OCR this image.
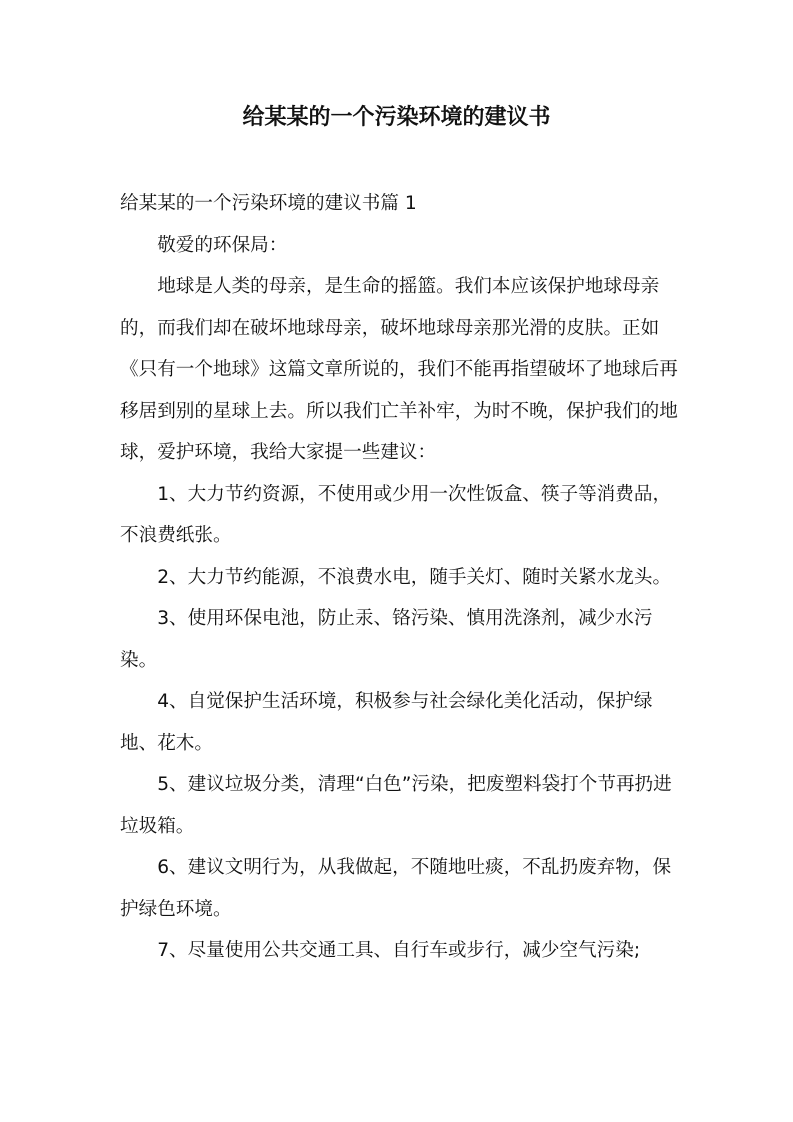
给某某的一个污染环境的建议书

给某某的一个污染环境的建议书篇 1

敬爱的环保局：

地球是人类的母亲，是生命的摇篮。我们本应该保护地球母亲的，而我们却在破坏地球母亲，破坏地球母亲那光滑的皮肤。正如《只有一个地球》这篇文章所说的，我们不能再指望破坏了地球后再移居到别的星球上去。所以我们亡羊补牢，为时不晚，保护我们的地球，爱护环境，我给大家提一些建议：

1、大力节约资源，不使用或少用一次性饭盒、筷子等消费品，不浪费纸张。

2、大力节约能源，不浪费水电，随手关灯、随时关紧水龙头。

3、使用环保电池，防止汞、铬污染、慎用洗涤剂，减少水污染。

4、自觉保护生活环境，积极参与社会绿化美化活动，保护绿地、花木。

5、建议垃圾分类，清理“白色”污染，把废塑料袋打个节再扔进垃圾箱。

6、建议文明行为，从我做起，不随地吐痰，不乱扔废弃物，保护绿色环境。

7、尽量使用公共交通工具、自行车或步行，减少空气污染;
